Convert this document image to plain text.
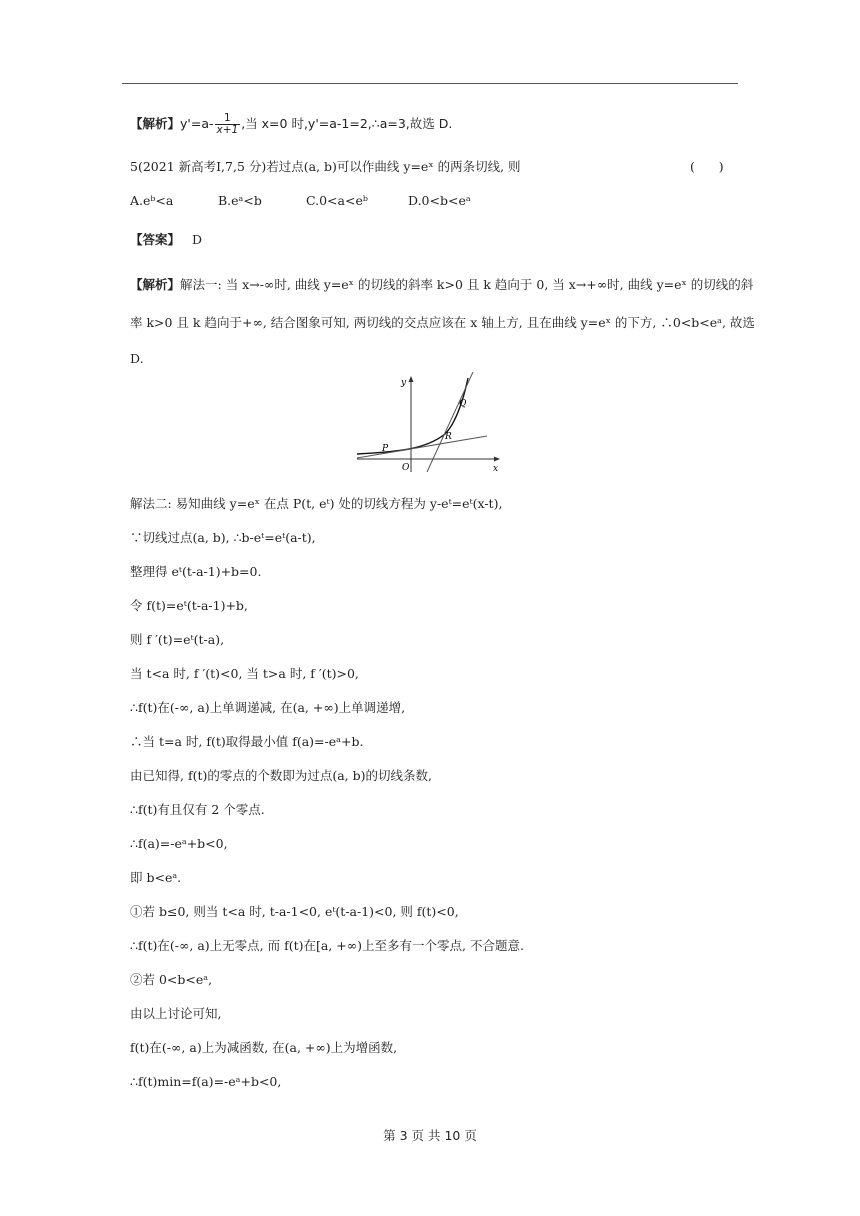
【解析】$y'=a- \frac{1}{x+1}$ ,当 x=0 时,y'=a-1=2,∴a=3,故选 D.
5(2021 新高考Ⅰ,7,5 分)若过点(a, b)可以作曲线 y=eˣ 的两条切线, 则	(      )
A.eᵇ<a	B.eᵃ<b	C.0<a<eᵇ	D.0<b<eᵃ
【答案】 D
【解析】解法一: 当 x→-∞时, 曲线 y=eˣ 的切线的斜率 k>0 且 k 趋向于 0, 当 x→+∞时, 曲线 y=eˣ 的切线的斜
率 k>0 且 k 趋向于+∞, 结合图象可知, 两切线的交点应该在 x 轴上方, 且在曲线 y=eˣ 的下方, ∴0<b<eᵃ, 故选
D.
y
x
O
P
Q
R
解法二: 易知曲线 y=eˣ 在点 P(t, eᵗ) 处的切线方程为 y-eᵗ=eᵗ(x-t),
∵切线过点(a, b), ∴b-eᵗ=eᵗ(a-t),
整理得 eᵗ(t-a-1)+b=0.
令 f(t)=eᵗ(t-a-1)+b,
则 f ′(t)=eᵗ(t-a),
当 t<a 时, f ′(t)<0, 当 t>a 时, f ′(t)>0,
∴f(t)在(-∞, a)上单调递减, 在(a, +∞)上单调递增,
∴当 t=a 时, f(t)取得最小值 f(a)=-eᵃ+b.
由已知得, f(t)的零点的个数即为过点(a, b)的切线条数,
∴f(t)有且仅有 2 个零点.
∴f(a)=-eᵃ+b<0,
即 b<eᵃ.
①若 b≤0, 则当 t<a 时, t-a-1<0, eᵗ(t-a-1)<0, 则 f(t)<0,
∴f(t)在(-∞, a)上无零点, 而 f(t)在[a, +∞)上至多有一个零点, 不合题意.
②若 0<b<eᵃ,
由以上讨论可知,
f(t)在(-∞, a)上为减函数, 在(a, +∞)上为增函数,
∴f(t)min=f(a)=-eᵃ+b<0,
第 3 页 共 10 页
